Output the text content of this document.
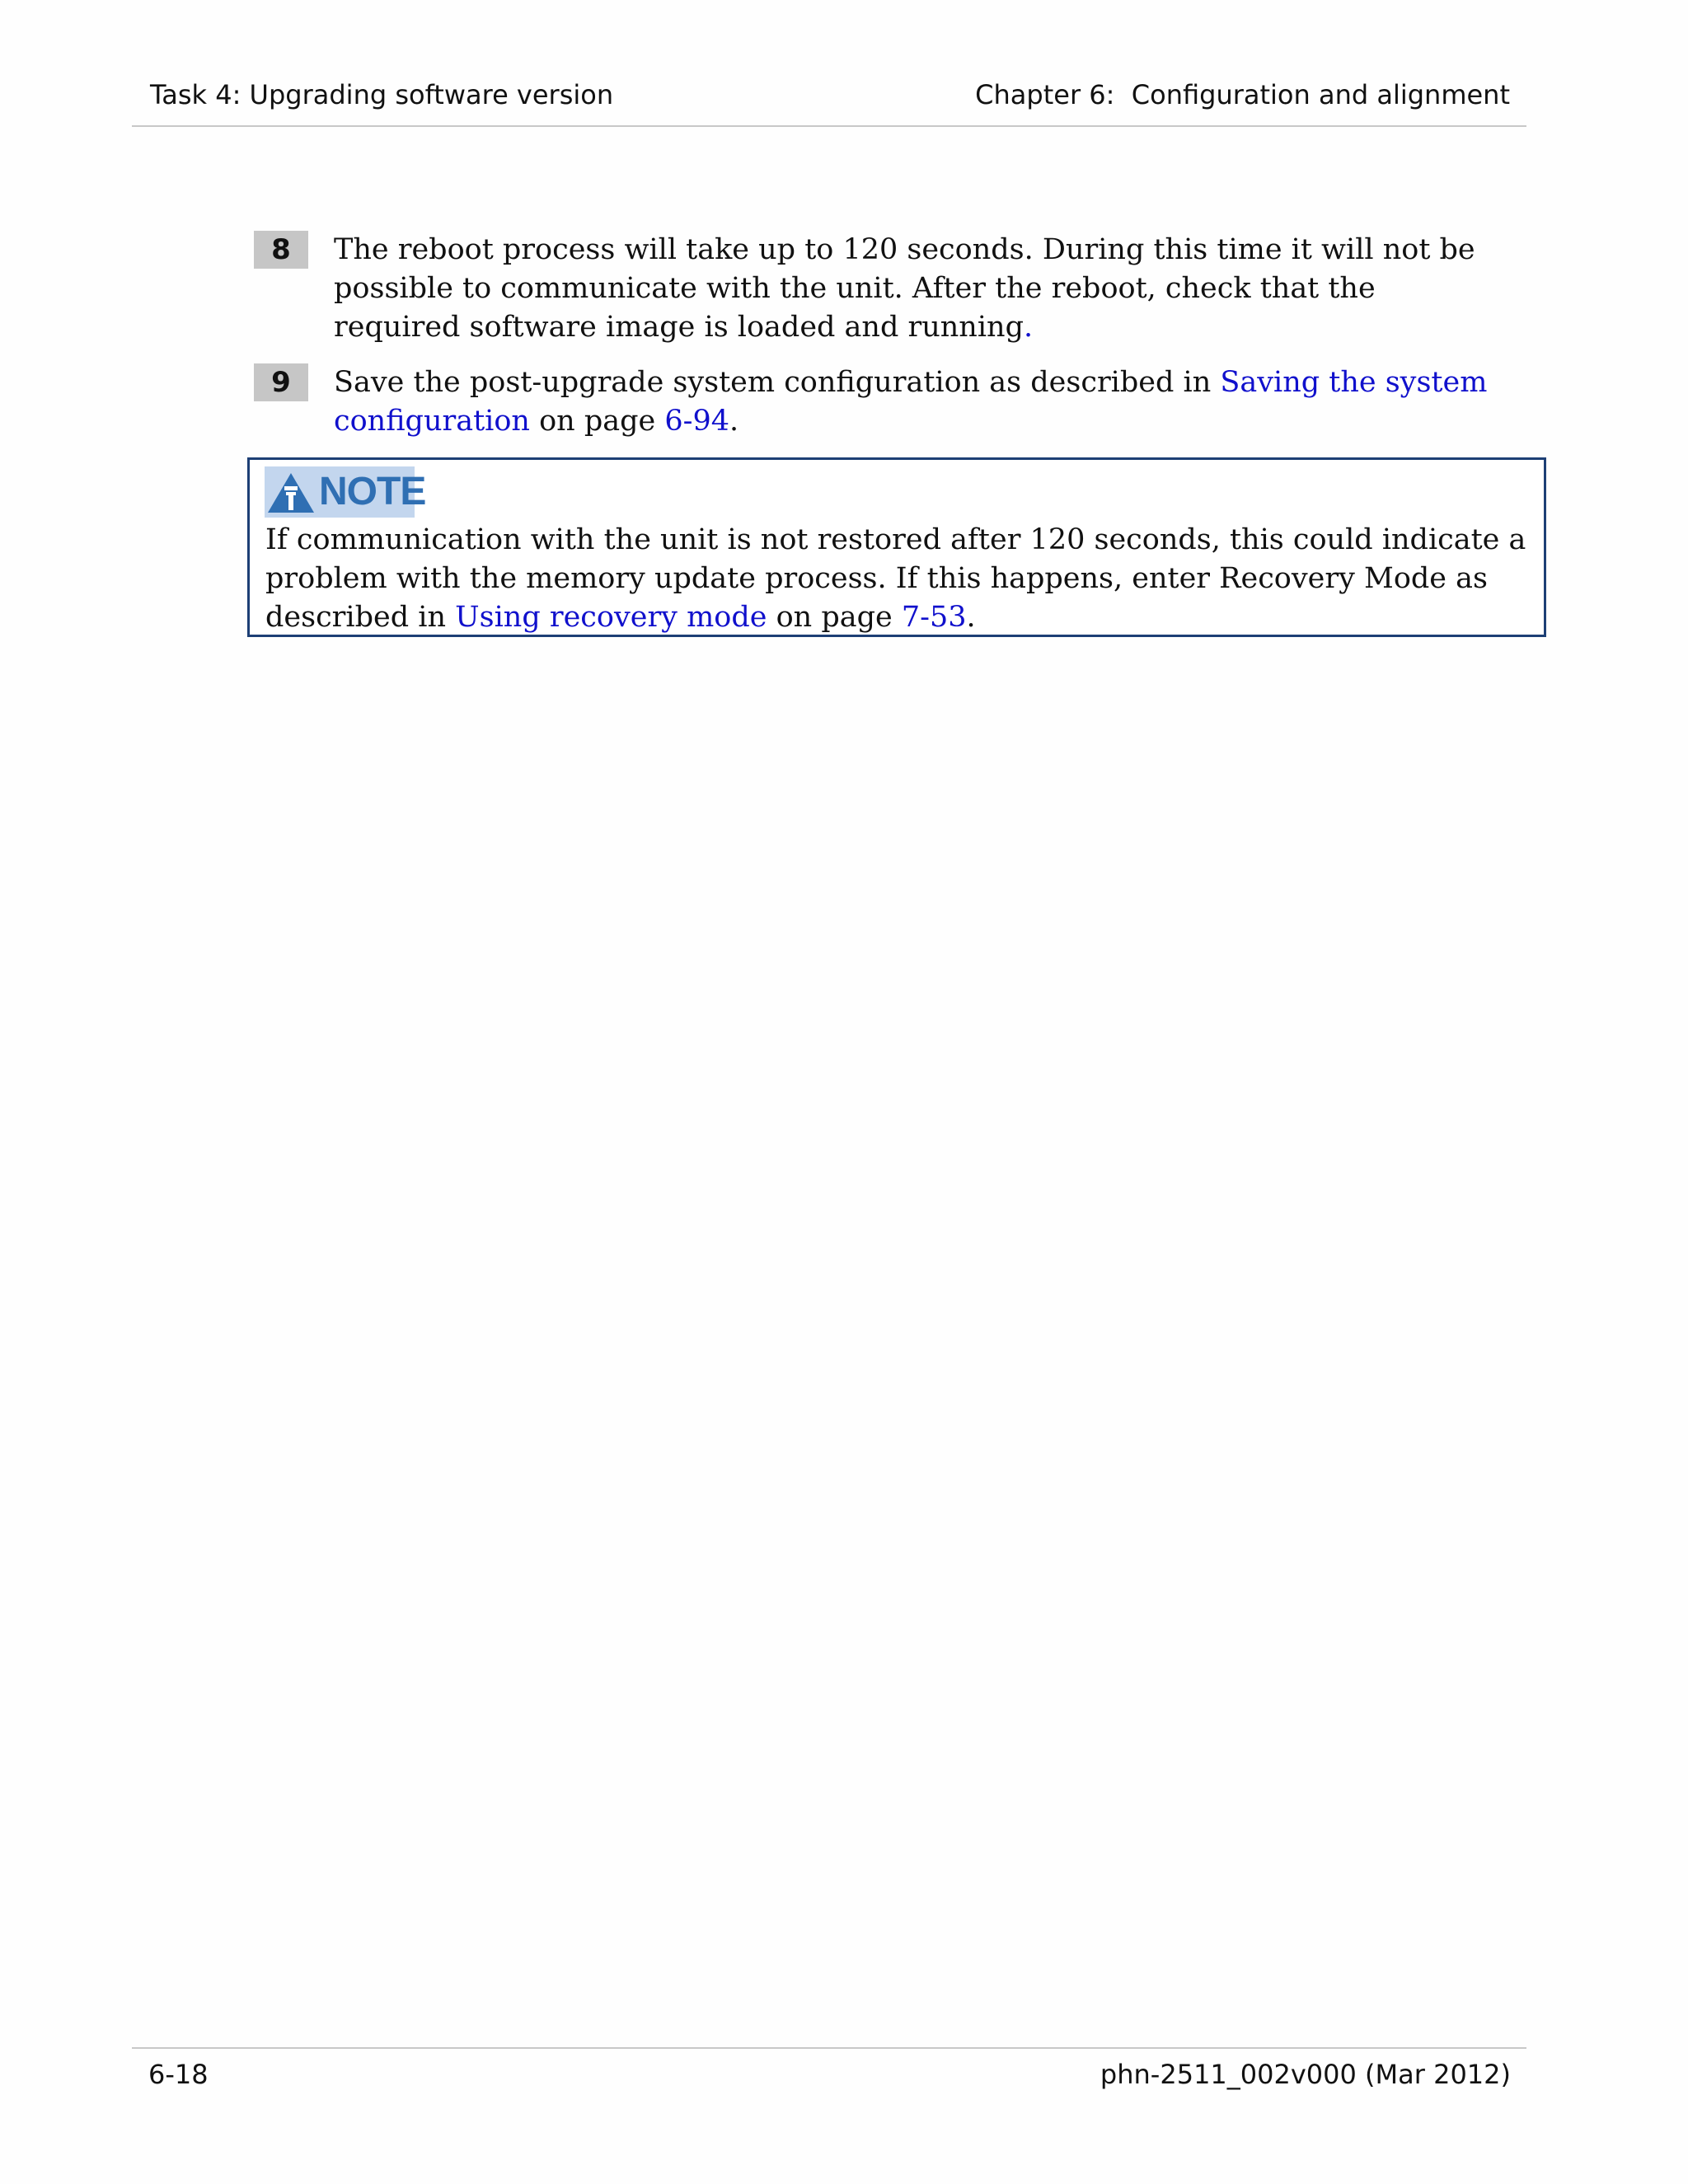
Task 4: Upgrading software version	Chapter 6:  Configuration and alignment
8	The reboot process will take up to 120 seconds. During this time it will not be possible to communicate with the unit. After the reboot, check that the required software image is loaded and running.
9	Save the post-upgrade system configuration as described in Saving the system configuration on page 6-94.
NOTE
If communication with the unit is not restored after 120 seconds, this could indicate a problem with the memory update process. If this happens, enter Recovery Mode as described in Using recovery mode on page 7-53.
6-18	phn-2511_002v000 (Mar 2012)
